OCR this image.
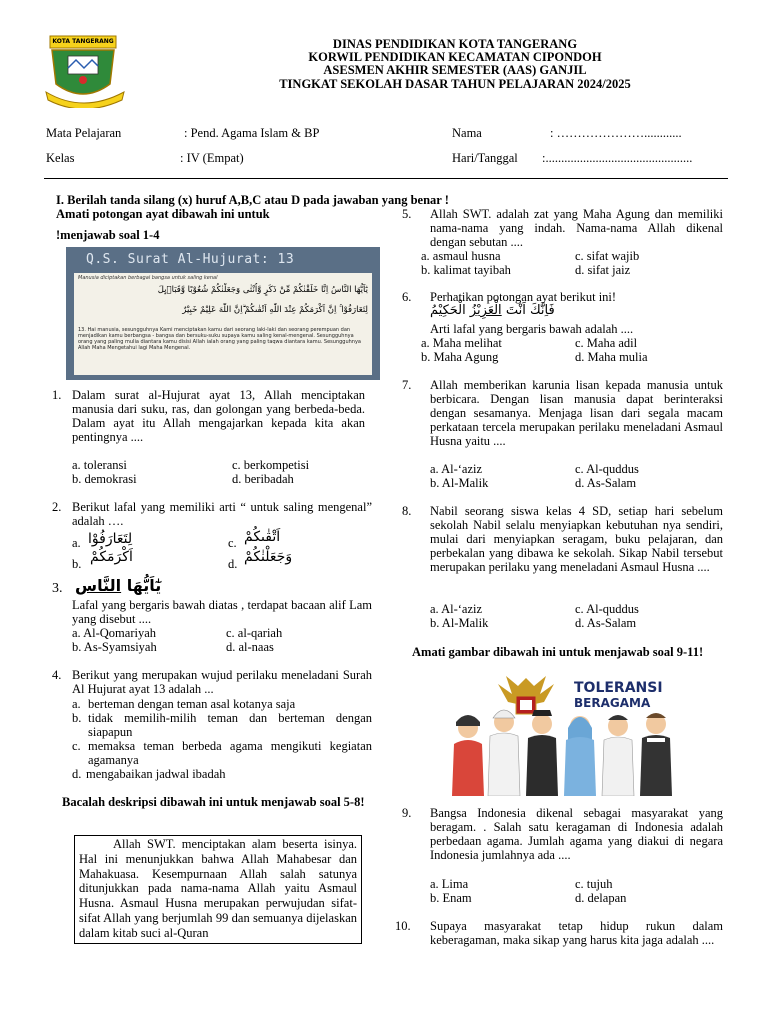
KOTA TANGERANG	DINAS PENDIDIKAN KOTA TANGERANG
KORWIL PENDIDIKAN KECAMATAN CIPONDOH
ASESMEN AKHIR SEMESTER (AAS) GANJIL
TINGKAT SEKOLAH DASAR TAHUN PELAJARAN 2024/2025
Mata Pelajaran	: Pend. Agama Islam & BP	Nama	: …………………............
Kelas	: IV (Empat)	Hari/Tanggal :...............................................
I. Berilah tanda silang (x) huruf A,B,C atau D pada jawaban yang benar !
Amati potongan ayat dibawah ini untuk
!menjawab soal 1-4
Q.S. Surat Al-Hujurat: 13
Manusia diciptakan berbagai bangsa untuk saling kenal
يٰٓاَيُّهَا النَّاسُ اِنَّا خَلَقْنٰكُمْ مِّنْ ذَكَرٍ وَّاُنْثٰى وَجَعَلْنٰكُمْ شُعُوْبًا وَّقَبَاۤىِٕلَ
لِتَعَارَفُوْا ۚ اِنَّ اَكْرَمَكُمْ عِنْدَ اللّٰهِ اَتْقٰىكُمْ ۗاِنَّ اللّٰهَ عَلِيْمٌ خَبِيْرٌ
13. Hai manusia, sesungguhnya Kami menciptakan kamu dari seorang laki-laki dan seorang perempuan dan menjadikan kamu berbangsa - bangsa dan bersuku-suku supaya kamu saling kenal-mengenal. Sesungguhnya orang yang paling mulia diantara kamu disisi Allah ialah orang yang paling taqwa diantara kamu. Sesungguhnya Allah Maha Mengetahui lagi Maha Mengenal.
1. Dalam surat al-Hujurat ayat 13, Allah menciptakan manusia dari suku, ras, dan golongan yang berbeda-beda. Dalam ayat itu Allah mengajarkan kepada kita akan pentingnya ....
a. toleransi	c. berkompetisi
b. demokrasi	d. beribadah
2. Berikut lafal yang memiliki arti “ untuk saling mengenal” adalah ….
a. لِتَعَارَفُوْا	c. اَتْقٰىكُمْ
b. اَكْرَمَكُمْ	d. وَجَعَلْنٰكُمْ
3.	يٰٓاَيُّهَا النَّاس
Lafal yang bergaris bawah diatas , terdapat bacaan alif Lam yang disebut ....
a. Al-Qomariyah	c. al-qariah
b. As-Syamsiyah	d. al-naas
4. Berikut yang merupakan wujud perilaku meneladani Surah Al Hujurat ayat 13 adalah ...
a. berteman dengan teman asal kotanya saja
b. tidak memilih-milih teman dan berteman dengan siapapun
c. memaksa teman berbeda agama mengikuti kegiatan agamanya
d. mengabaikan jadwal ibadah
Bacalah deskripsi dibawah ini untuk menjawab soal 5-8!
Allah SWT. menciptakan alam beserta isinya. Hal ini menunjukkan bahwa Allah Mahabesar dan Mahakuasa. Kesempurnaan Allah salah satunya ditunjukkan pada nama-nama Allah yaitu Asmaul Husna. Asmaul Husna merupakan perwujudan sifat-sifat Allah yang berjumlah 99 dan semuanya dijelaskan dalam kitab suci al-Quran
5. Allah SWT. adalah zat yang Maha Agung dan memiliki nama-nama yang indah. Nama-nama Allah dikenal dengan sebutan ....
a. asmaul husna	c. sifat wajib
b. kalimat tayibah	d. sifat jaiz
6. Perhatikan potongan ayat berikut ini!
فَاِنَّكَ اَنْتَ الْعَزِيْزُ الْحَكِيْمُ
Arti lafal yang bergaris bawah adalah ....
a. Maha melihat	c. Maha adil
b. Maha Agung	d. Maha mulia
7. Allah memberikan karunia lisan kepada manusia untuk berbicara. Dengan lisan manusia dapat berinteraksi dengan sesamanya. Menjaga lisan dari segala macam perkataan tercela merupakan perilaku meneladani Asmaul Husna yaitu ....
a. Al-‘aziz	c. Al-quddus
b. Al-Malik	d. As-Salam
8. Nabil seorang siswa kelas 4 SD, setiap hari sebelum sekolah Nabil selalu menyiapkan kebutuhan nya sendiri, mulai dari menyiapkan seragam, buku pelajaran, dan perbekalan yang dibawa ke sekolah. Sikap Nabil tersebut merupakan perilaku yang meneladani Asmaul Husna ....
a. Al-‘aziz	c. Al-quddus
b. Al-Malik	d. As-Salam
Amati gambar dibawah ini untuk menjawab soal 9-11!
TOLERANSI
BERAGAMA
9. Bangsa Indonesia dikenal sebagai masyarakat yang beragam. . Salah satu keragaman di Indonesia adalah perbedaan agama. Jumlah agama yang diakui di negara Indonesia jumlahnya ada ....
a. Lima	c. tujuh
b. Enam	d. delapan
10. Supaya masyarakat tetap hidup rukun dalam keberagaman, maka sikap yang harus kita jaga adalah ....
